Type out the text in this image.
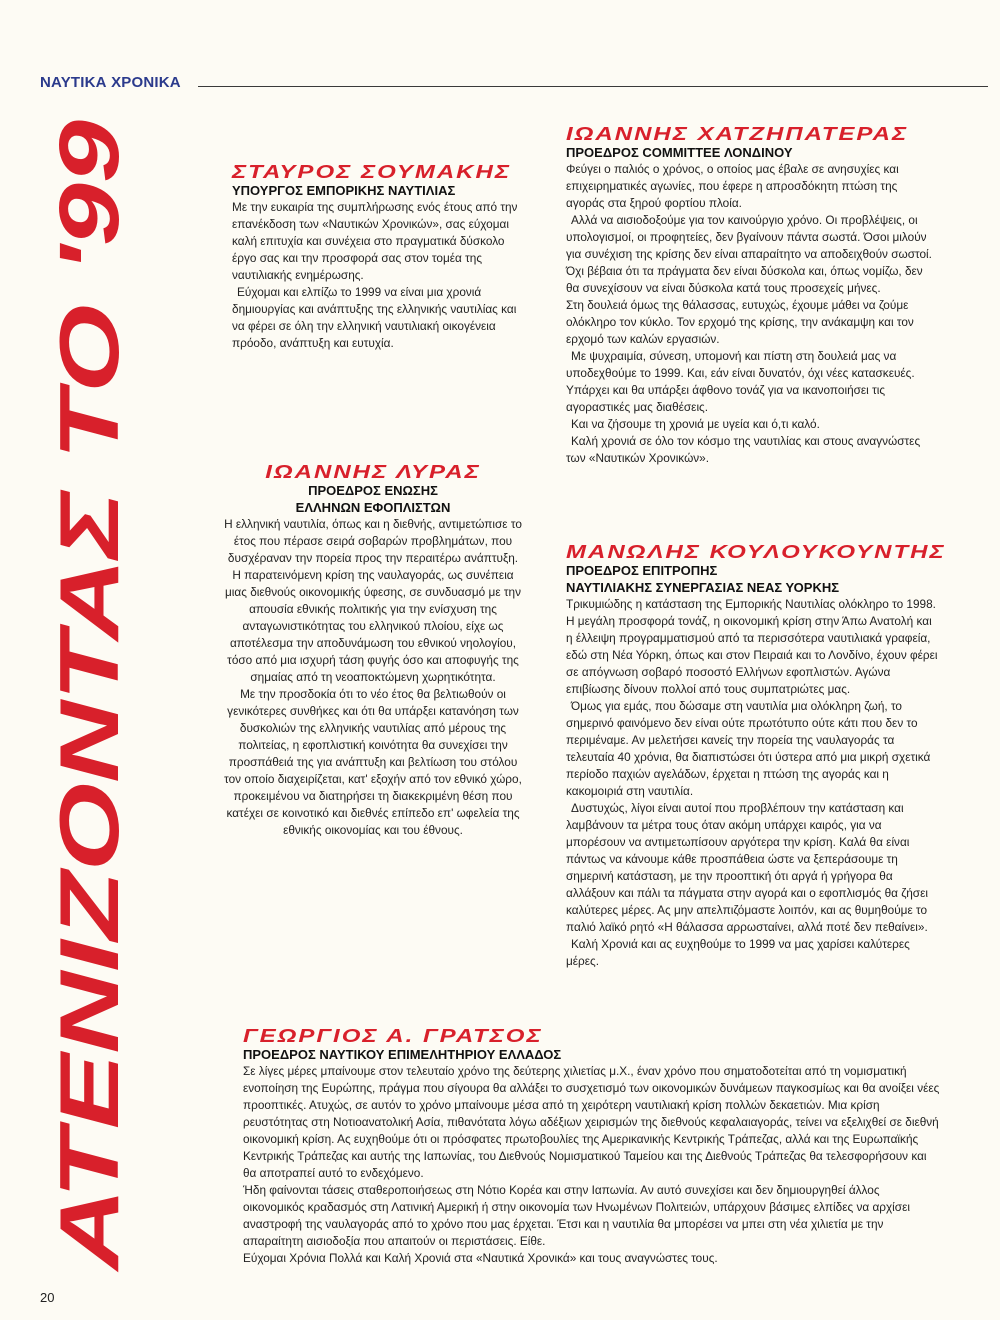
ΝΑΥΤΙΚΑ ΧΡΟΝΙΚΑ
ΑΤΕΝΙΖΟΝΤΑΣ ΤΟ '99
ΣΤΑΥΡΟΣ ΣΟΥΜΑΚΗΣ
ΥΠΟΥΡΓΟΣ ΕΜΠΟΡΙΚΗΣ ΝΑΥΤΙΛΙΑΣ

Με την ευκαιρία της συμπλήρωσης ενός έτους από την επανέκδοση των «Ναυτικών Χρονικών», σας εύχομαι καλή επιτυχία και συνέχεια στο πραγματικά δύσκολο έργο σας και την προσφορά σας στον τομέα της ναυτιλιακής ενημέρωσης.

Εύχομαι και ελπίζω το 1999 να είναι μια χρονιά δημιουργίας και ανάπτυξης της ελληνικής ναυτιλίας και να φέρει σε όλη την ελληνική ναυτιλιακή οικογένεια πρόοδο, ανάπτυξη και ευτυχία.

ΙΩΑΝΝΗΣ ΛΥΡΑΣ
ΠΡΟΕΔΡΟΣ ΕΝΩΣΗΣ
ΕΛΛΗΝΩΝ ΕΦΟΠΛΙΣΤΩΝ

Η ελληνική ναυτιλία, όπως και η διεθνής, αντιμετώπισε το έτος που πέρασε σειρά σοβαρών προβλημάτων, που δυσχέραναν την πορεία προς την περαιτέρω ανάπτυξη.

Η παρατεινόμενη κρίση της ναυλαγοράς, ως συνέπεια μιας διεθνούς οικονομικής ύφεσης, σε συνδυασμό με την απουσία εθνικής πολιτικής για την ενίσχυση της ανταγωνιστικότητας του ελληνικού πλοίου, είχε ως αποτέλεσμα την αποδυνάμωση του εθνικού νηολογίου, τόσο από μια ισχυρή τάση φυγής όσο και αποφυγής της σημαίας από τη νεοαποκτώμενη χωρητικότητα.

Με την προσδοκία ότι το νέο έτος θα βελτιωθούν οι γενικότερες συνθήκες και ότι θα υπάρξει κατανόηση των δυσκολιών της ελληνικής ναυτιλίας από μέρους της πολιτείας, η εφοπλιστική κοινότητα θα συνεχίσει την προσπάθειά της για ανάπτυξη και βελτίωση του στόλου τον οποίο διαχειρίζεται, κατ' εξοχήν από τον εθνικό χώρο, προκειμένου να διατηρήσει τη διακεκριμένη θέση που κατέχει σε κοινοτικό και διεθνές επίπεδο επ' ωφελεία της εθνικής οικονομίας και του έθνους.

ΙΩΑΝΝΗΣ ΧΑΤΖΗΠΑΤΕΡΑΣ
ΠΡΟΕΔΡΟΣ COMMITTEE ΛΟΝΔΙΝΟΥ

Φεύγει ο παλιός ο χρόνος, ο οποίος μας έβαλε σε ανησυχίες και επιχειρηματικές αγωνίες, που έφερε η απροσδόκητη πτώση της αγοράς στα ξηρού φορτίου πλοία.

Αλλά να αισιοδοξούμε για τον καινούργιο χρόνο. Οι προβλέψεις, οι υπολογισμοί, οι προφητείες, δεν βγαίνουν πάντα σωστά. Όσοι μιλούν για συνέχιση της κρίσης δεν είναι απαραίτητο να αποδειχθούν σωστοί. Όχι βέβαια ότι τα πράγματα δεν είναι δύσκολα και, όπως νομίζω, δεν θα συνεχίσουν να είναι δύσκολα κατά τους προσεχείς μήνες.

Στη δουλειά όμως της θάλασσας, ευτυχώς, έχουμε μάθει να ζούμε ολόκληρο τον κύκλο. Τον ερχομό της κρίσης, την ανάκαμψη και τον ερχομό των καλών εργασιών.

Με ψυχραιμία, σύνεση, υπομονή και πίστη στη δουλειά μας να υποδεχθούμε το 1999. Και, εάν είναι δυνατόν, όχι νέες κατασκευές. Υπάρχει και θα υπάρξει άφθονο τονάζ για να ικανοποιήσει τις αγοραστικές μας διαθέσεις.

Και να ζήσουμε τη χρονιά με υγεία και ό,τι καλό.

Καλή χρονιά σε όλο τον κόσμο της ναυτιλίας και στους αναγνώστες των «Ναυτικών Χρονικών».

ΜΑΝΩΛΗΣ ΚΟΥΛΟΥΚΟΥΝΤΗΣ
ΠΡΟΕΔΡΟΣ ΕΠΙΤΡΟΠΗΣ
ΝΑΥΤΙΛΙΑΚΗΣ ΣΥΝΕΡΓΑΣΙΑΣ ΝΕΑΣ ΥΟΡΚΗΣ

Τρικυμιώδης η κατάσταση της Εμπορικής Ναυτιλίας ολόκληρο το 1998. Η μεγάλη προσφορά τονάζ, η οικονομική κρίση στην Άπω Ανατολή και η έλλειψη προγραμματισμού από τα περισσότερα ναυτιλιακά γραφεία, εδώ στη Νέα Υόρκη, όπως και στον Πειραιά και το Λονδίνο, έχουν φέρει σε απόγνωση σοβαρό ποσοστό Ελλήνων εφοπλιστών. Αγώνα επιβίωσης δίνουν πολλοί από τους συμπατριώτες μας.

Όμως για εμάς, που δώσαμε στη ναυτιλία μια ολόκληρη ζωή, το σημερινό φαινόμενο δεν είναι ούτε πρωτότυπο ούτε κάτι που δεν το περιμέναμε. Αν μελετήσει κανείς την πορεία της ναυλαγοράς τα τελευταία 40 χρόνια, θα διαπιστώσει ότι ύστερα από μια μικρή σχετικά περίοδο παχιών αγελάδων, έρχεται η πτώση της αγοράς και η κακομοιριά στη ναυτιλία.

Δυστυχώς, λίγοι είναι αυτοί που προβλέπουν την κατάσταση και λαμβάνουν τα μέτρα τους όταν ακόμη υπάρχει καιρός, για να μπορέσουν να αντιμετωπίσουν αργότερα την κρίση. Καλά θα είναι πάντως να κάνουμε κάθε προσπάθεια ώστε να ξεπεράσουμε τη σημερινή κατάσταση, με την προοπτική ότι αργά ή γρήγορα θα αλλάξουν και πάλι τα πάγματα στην αγορά και ο εφοπλισμός θα ζήσει καλύτερες μέρες. Ας μην απελπιζόμαστε λοιπόν, και ας θυμηθούμε το παλιό λαϊκό ρητό «Η θάλασσα αρρωσταίνει, αλλά ποτέ δεν πεθαίνει».

Καλή Χρονιά και ας ευχηθούμε το 1999 να μας χαρίσει καλύτερες μέρες.

ΓΕΩΡΓΙΟΣ Α. ΓΡΑΤΣΟΣ
ΠΡΟΕΔΡΟΣ ΝΑΥΤΙΚΟΥ ΕΠΙΜΕΛΗΤΗΡΙΟΥ ΕΛΛΑΔΟΣ

Σε λίγες μέρες μπαίνουμε στον τελευταίο χρόνο της δεύτερης χιλιετίας μ.Χ., έναν χρόνο που σηματοδοτείται από τη νομισματική ενοποίηση της Ευρώπης, πράγμα που σίγουρα θα αλλάξει το συσχετισμό των οικονομικών δυνάμεων παγκοσμίως και θα ανοίξει νέες προοπτικές. Ατυχώς, σε αυτόν το χρόνο μπαίνουμε μέσα από τη χειρότερη ναυτιλιακή κρίση πολλών δεκαετιών. Μια κρίση ρευστότητας στη Νοτιοανατολική Ασία, πιθανότατα λόγω αδέξιων χειρισμών της διεθνούς κεφαλαιαγοράς, τείνει να εξελιχθεί σε διεθνή οικονομική κρίση. Ας ευχηθούμε ότι οι πρόσφατες πρωτοβουλίες της Αμερικανικής Κεντρικής Τράπεζας, αλλά και της Ευρωπαϊκής Κεντρικής Τράπεζας και αυτής της Ιαπωνίας, του Διεθνούς Νομισματικού Ταμείου και της Διεθνούς Τράπεζας θα τελεσφορήσουν και θα αποτραπεί αυτό το ενδεχόμενο.

Ήδη φαίνονται τάσεις σταθεροποιήσεως στη Νότιο Κορέα και στην Ιαπωνία. Αν αυτό συνεχίσει και δεν δημιουργηθεί άλλος οικονομικός κραδασμός στη Λατινική Αμερική ή στην οικονομία των Ηνωμένων Πολιτειών, υπάρχουν βάσιμες ελπίδες να αρχίσει αναστροφή της ναυλαγοράς από το χρόνο που μας έρχεται. Έτσι και η ναυτιλία θα μπορέσει να μπει στη νέα χιλιετία με την απαραίτητη αισιοδοξία που απαιτούν οι περιστάσεις. Είθε.

Εύχομαι Χρόνια Πολλά και Καλή Χρονιά στα «Ναυτικά Χρονικά» και τους αναγνώστες τους.

20
